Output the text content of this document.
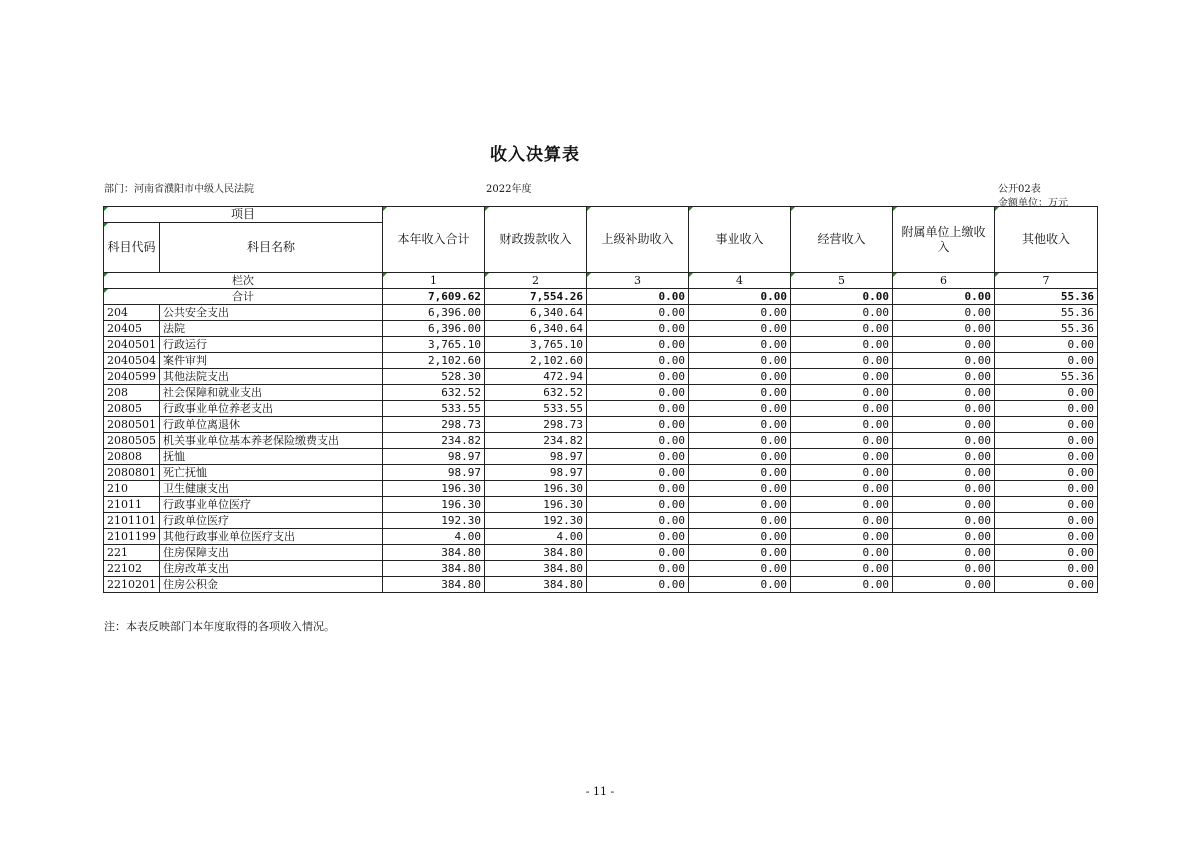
收入决算表
部门：河南省濮阳市中级人民法院	2022年度	公开02表
金额单位：万元
项目		本年收入合计	财政拨款收入	上级补助收入	事业收入	经营收入	附属单位上缴收入	其他收入
科目代码	科目名称							
栏次		1	2	3	4	5	6	7
合计		7,609.62	7,554.26	0.00	0.00	0.00	0.00	55.36
204	公共安全支出	6,396.00	6,340.64	0.00	0.00	0.00	0.00	55.36
20405	法院	6,396.00	6,340.64	0.00	0.00	0.00	0.00	55.36
2040501	行政运行	3,765.10	3,765.10	0.00	0.00	0.00	0.00	0.00
2040504	案件审判	2,102.60	2,102.60	0.00	0.00	0.00	0.00	0.00
2040599	其他法院支出	528.30	472.94	0.00	0.00	0.00	0.00	55.36
208	社会保障和就业支出	632.52	632.52	0.00	0.00	0.00	0.00	0.00
20805	行政事业单位养老支出	533.55	533.55	0.00	0.00	0.00	0.00	0.00
2080501	行政单位离退休	298.73	298.73	0.00	0.00	0.00	0.00	0.00
2080505	机关事业单位基本养老保险缴费支出	234.82	234.82	0.00	0.00	0.00	0.00	0.00
20808	抚恤	98.97	98.97	0.00	0.00	0.00	0.00	0.00
2080801	死亡抚恤	98.97	98.97	0.00	0.00	0.00	0.00	0.00
210	卫生健康支出	196.30	196.30	0.00	0.00	0.00	0.00	0.00
21011	行政事业单位医疗	196.30	196.30	0.00	0.00	0.00	0.00	0.00
2101101	行政单位医疗	192.30	192.30	0.00	0.00	0.00	0.00	0.00
2101199	其他行政事业单位医疗支出	4.00	4.00	0.00	0.00	0.00	0.00	0.00
221	住房保障支出	384.80	384.80	0.00	0.00	0.00	0.00	0.00
22102	住房改革支出	384.80	384.80	0.00	0.00	0.00	0.00	0.00
2210201	住房公积金	384.80	384.80	0.00	0.00	0.00	0.00	0.00
注：本表反映部门本年度取得的各项收入情况。
- 11 -
